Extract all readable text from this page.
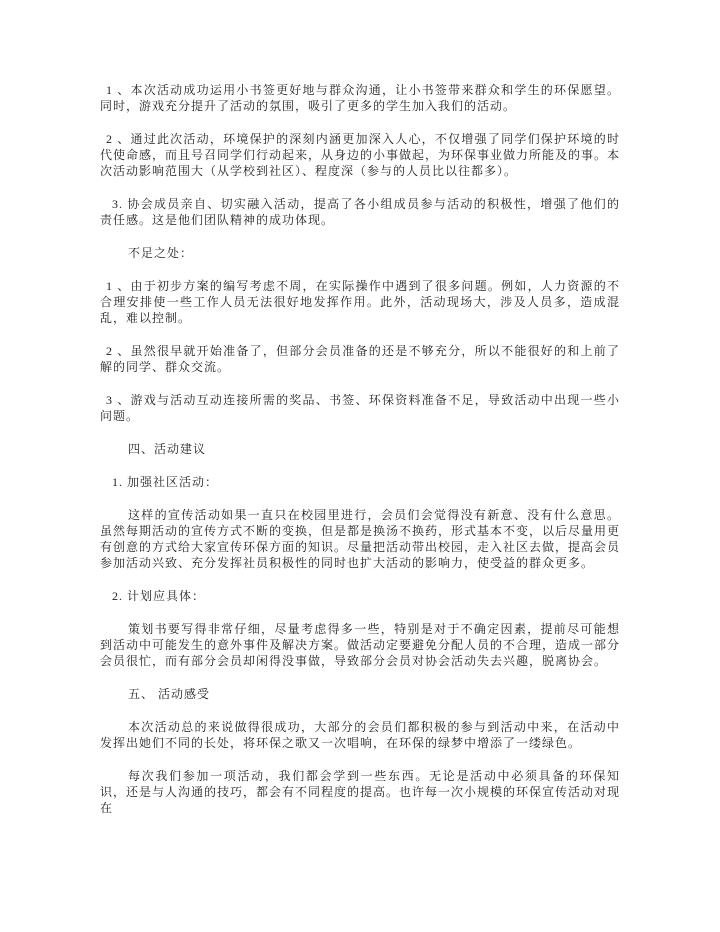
1 、本次活动成功运用小书签更好地与群众沟通，让小书签带来群众和学生的环保愿望。同时，游戏充分提升了活动的氛围，吸引了更多的学生加入我们的活动。

2 、通过此次活动，环境保护的深刻内涵更加深入人心，不仅增强了同学们保护环境的时代使命感，而且号召同学们行动起来，从身边的小事做起，为环保事业做力所能及的事。本次活动影响范围大（从学校到社区）、程度深（参与的人员比以往都多）。

3. 协会成员亲自、切实融入活动，提高了各小组成员参与活动的积极性，增强了他们的责任感。这是他们团队精神的成功体现。

不足之处：

1 、由于初步方案的编写考虑不周，在实际操作中遇到了很多问题。例如，人力资源的不合理安排使一些工作人员无法很好地发挥作用。此外，活动现场大，涉及人员多，造成混乱，难以控制。

2 、虽然很早就开始准备了，但部分会员准备的还是不够充分，所以不能很好的和上前了解的同学、群众交流。

3 、游戏与活动互动连接所需的奖品、书签、环保资料准备不足，导致活动中出现一些小问题。

四、活动建议

1. 加强社区活动：

这样的宣传活动如果一直只在校园里进行，会员们会觉得没有新意、没有什么意思。虽然每期活动的宣传方式不断的变换，但是都是换汤不换药，形式基本不变，以后尽量用更有创意的方式给大家宣传环保方面的知识。尽量把活动带出校园，走入社区去做，提高会员参加活动兴致、充分发挥社员积极性的同时也扩大活动的影响力，使受益的群众更多。

2. 计划应具体：

策划书要写得非常仔细，尽量考虑得多一些，特别是对于不确定因素，提前尽可能想到活动中可能发生的意外事件及解决方案。做活动定要避免分配人员的不合理，造成一部分会员很忙，而有部分会员却闲得没事做，导致部分会员对协会活动失去兴趣，脱离协会。

五、 活动感受

本次活动总的来说做得很成功，大部分的会员们都积极的参与到活动中来，在活动中发挥出她们不同的长处，将环保之歌又一次唱响，在环保的绿梦中增添了一缕绿色。

每次我们参加一项活动，我们都会学到一些东西。无论是活动中必须具备的环保知识，还是与人沟通的技巧，都会有不同程度的提高。也许每一次小规模的环保宣传活动对现在
